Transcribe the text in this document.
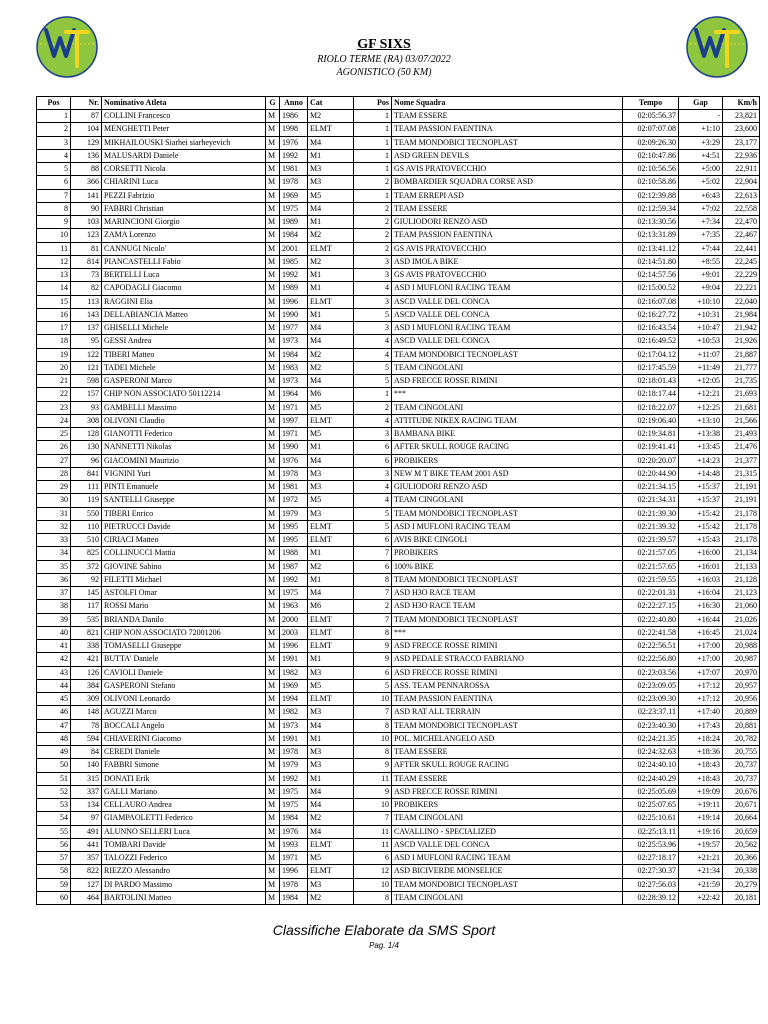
GF SIXS
RIOLO TERME (RA) 03/07/2022
AGONISTICO (50 KM)
Pos	Nr.	Nominativo Atleta	G	Anno	Cat	Pos	Nome Squadra	Tempo	Gap	Km/h
1	87	COLLINI Francesco	M	1986	M2	1	TEAM ESSERE	02:05:56.37	-	23,821
2	104	MENGHETTI Peter	M	1998	ELMT	1	TEAM PASSION FAENTINA	02:07:07.08	+1:10	23,600
3	129	MIKHAILOUSKI Siarhei siarheyevich	M	1976	M4	1	TEAM MONDOBICI TECNOPLAST	02:09:26.30	+3:29	23,177
4	136	MALUSARDI Daniele	M	1992	M1	1	ASD GREEN DEVILS	02:10:47.86	+4:51	22,936
5	88	CORSETTI Nicola	M	1981	M3	1	GS AVIS PRATOVECCHIO	02:10:56.56	+5:00	22,911
6	366	CHIARINI Luca	M	1978	M3	2	BOMBARDIER SQUADRA CORSE ASD	02:10:58.86	+5:02	22,904
7	141	PEZZI Fabrizio	M	1969	M5	1	TEAM ERREPI ASD	02:12:39.88	+6:43	22,613
8	90	FABBRI Christian	M	1975	M4	2	TEAM ESSERE	02:12:59.34	+7:02	22,558
9	103	MARINCIONI Giorgio	M	1989	M1	2	GIULIODORI RENZO ASD	02:13:30.56	+7:34	22,470
10	123	ZAMA Lorenzo	M	1984	M2	2	TEAM PASSION FAENTINA	02:13:31.89	+7:35	22,467
11	81	CANNUGI Nicolo'	M	2001	ELMT	2	GS AVIS PRATOVECCHIO	02:13:41.12	+7:44	22,441
12	814	PIANCASTELLI Fabio	M	1985	M2	3	ASD IMOLA BIKE	02:14:51.80	+8:55	22,245
13	73	BERTELLI Luca	M	1992	M1	3	GS AVIS PRATOVECCHIO	02:14:57.56	+9:01	22,229
14	82	CAPODAGLI Giacomo	M	1989	M1	4	ASD I MUFLONI RACING TEAM	02:15:00.52	+9:04	22,221
15	113	RAGGINI Elia	M	1996	ELMT	3	ASCD VALLE DEL CONCA	02:16:07.08	+10:10	22,040
16	143	DELLABIANCIA Matteo	M	1990	M1	5	ASCD VALLE DEL CONCA	02:16:27.72	+10:31	21,984
17	137	GHISELLI Michele	M	1977	M4	3	ASD I MUFLONI RACING TEAM	02:16:43.54	+10:47	21,942
18	95	GESSI Andrea	M	1973	M4	4	ASCD VALLE DEL CONCA	02:16:49.52	+10:53	21,926
19	122	TIBERI Matteo	M	1984	M2	4	TEAM MONDOBICI TECNOPLAST	02:17:04.12	+11:07	21,887
20	121	TADEI Michele	M	1983	M2	5	TEAM CINGOLANI	02:17:45.59	+11:49	21,777
21	598	GASPERONI Marco	M	1973	M4	5	ASD FRECCE ROSSE RIMINI	02:18:01.43	+12:05	21,735
22	157	CHIP NON ASSOCIATO 50112214	M	1964	M6	1	***	02:18:17.44	+12:21	21,693
23	93	GAMBELLI Massimo	M	1971	M5	2	TEAM CINGOLANI	02:18:22.07	+12:25	21,681
24	308	OLIVONI Claudio	M	1997	ELMT	4	ATTITUDE NIKEX RACING TEAM	02:19:06.40	+13:10	21,566
25	128	GIANOTTI Federico	M	1971	M5	3	BAMBANA BIKE	02:19:34.81	+13:38	21,493
26	130	NANNETTI Nikolas	M	1990	M1	6	AFTER SKULL ROUGE RACING	02:19:41.41	+13:45	21,476
27	96	GIACOMINI Maurizio	M	1976	M4	6	PROBIKERS	02:20:20.07	+14:23	21,377
28	841	VIGNINI Yuri	M	1978	M3	3	NEW M T BIKE TEAM 2001 ASD	02:20:44.90	+14:48	21,315
29	111	PINTI Emanuele	M	1981	M3	4	GIULIODORI RENZO ASD	02:21:34.15	+15:37	21,191
30	119	SANTELLI Giuseppe	M	1972	M5	4	TEAM CINGOLANI	02:21:34.31	+15:37	21,191
31	550	TIBERI Enrico	M	1979	M3	5	TEAM MONDOBICI TECNOPLAST	02:21:39.30	+15:42	21,178
32	110	PIETRUCCI Davide	M	1995	ELMT	5	ASD I MUFLONI RACING TEAM	02:21:39.32	+15:42	21,178
33	510	CIRIACI Matteo	M	1995	ELMT	6	AVIS BIKE CINGOLI	02:21:39.57	+15:43	21,178
34	825	COLLINUCCI Mattia	M	1988	M1	7	PROBIKERS	02:21:57.05	+16:00	21,134
35	372	GIOVINE Sabino	M	1987	M2	6	100% BIKE	02:21:57.65	+16:01	21,133
36	92	FILETTI Michael	M	1992	M1	8	TEAM MONDOBICI TECNOPLAST	02:21:59.55	+16:03	21,128
37	145	ASTOLFI Omar	M	1975	M4	7	ASD H3O RACE TEAM	02:22:01.31	+16:04	21,123
38	117	ROSSI Mario	M	1963	M6	2	ASD H3O RACE TEAM	02:22:27.15	+16:30	21,060
39	535	BRIANDA Danilo	M	2000	ELMT	7	TEAM MONDOBICI TECNOPLAST	02:22:40.80	+16:44	21,026
40	821	CHIP NON ASSOCIATO 72001206	M	2003	ELMT	8	***	02:22:41.58	+16:45	21,024
41	338	TOMASELLI Giuseppe	M	1996	ELMT	9	ASD FRECCE ROSSE RIMINI	02:22:56.51	+17:00	20,988
42	421	BUTTA' Daniele	M	1991	M1	9	ASD PEDALE STRACCO FABRIANO	02:22:56.80	+17:00	20,987
43	126	CAVIOLI Daniele	M	1982	M3	6	ASD FRECCE ROSSE RIMINI	02:23:03.56	+17:07	20,970
44	384	GASPERONI Stefano	M	1969	M5	5	ASS. TEAM PENNAROSSA	02:23:09.05	+17:12	20,957
45	309	OLIVONI Leonardo	M	1994	ELMT	10	TEAM PASSION FAENTINA	02:23:09.30	+17:12	20,956
46	148	AGUZZI Marco	M	1982	M3	7	ASD RAT ALL TERRAIN	02:23:37.11	+17:40	20,889
47	78	BOCCALI Angelo	M	1973	M4	8	TEAM MONDOBICI TECNOPLAST	02:23:40.30	+17:43	20,881
48	594	CHIAVERINI Giacomo	M	1991	M1	10	POL. MICHELANGELO ASD	02:24:21.35	+18:24	20,782
49	84	CEREDI Daniele	M	1978	M3	8	TEAM ESSERE	02:24:32.63	+18:36	20,755
50	140	FABBRI Simone	M	1979	M3	9	AFTER SKULL ROUGE RACING	02:24:40.10	+18:43	20,737
51	315	DONATI Erik	M	1992	M1	11	TEAM ESSERE	02:24:40.29	+18:43	20,737
52	337	GALLI Mariano	M	1975	M4	9	ASD FRECCE ROSSE RIMINI	02:25:05.69	+19:09	20,676
53	134	CELLAURO Andrea	M	1975	M4	10	PROBIKERS	02:25:07.65	+19:11	20,671
54	97	GIAMPAOLETTI Federico	M	1984	M2	7	TEAM CINGOLANI	02:25:10.61	+19:14	20,664
55	491	ALUNNO SELLERI Luca	M	1976	M4	11	CAVALLINO - SPECIALIZED	02:25:13.11	+19:16	20,659
56	441	TOMBARI Davide	M	1993	ELMT	11	ASCD VALLE DEL CONCA	02:25:53.96	+19:57	20,562
57	357	TALOZZI Federico	M	1971	M5	6	ASD I MUFLONI RACING TEAM	02:27:18.17	+21:21	20,366
58	822	RIEZZO Alessandro	M	1996	ELMT	12	ASD BICIVERDE MONSELICE	02:27:30.37	+21:34	20,338
59	127	DI PARDO Massimo	M	1978	M3	10	TEAM MONDOBICI TECNOPLAST	02:27:56.03	+21:59	20,279
60	464	BARTOLINI Matteo	M	1984	M2	8	TEAM CINGOLANI	02:28:39.12	+22:42	20,181
Classifiche Elaborate da SMS Sport
Pag. 1/4
